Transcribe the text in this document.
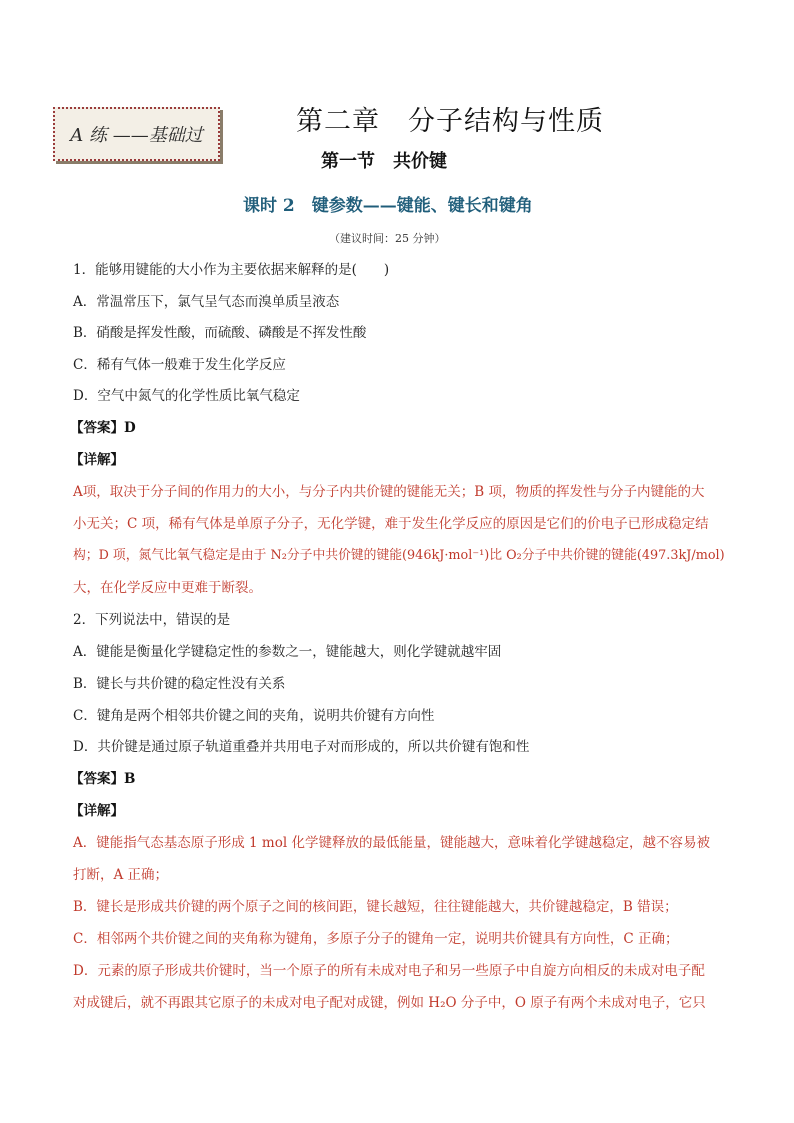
A 练 ——基础过	第二章　分子结构与性质
第一节　共价键
课时 2　键参数——键能、键长和键角
（建议时间：25 分钟）
1．能够用键能的大小作为主要依据来解释的是(　　)
A．常温常压下，氯气呈气态而溴单质呈液态
B．硝酸是挥发性酸，而硫酸、磷酸是不挥发性酸
C．稀有气体一般难于发生化学反应
D．空气中氮气的化学性质比氧气稳定
【答案】D
【详解】
A项，取决于分子间的作用力的大小，与分子内共价键的键能无关；B 项，物质的挥发性与分子内键能的大
小无关；C 项，稀有气体是单原子分子，无化学键，难于发生化学反应的原因是它们的价电子已形成稳定结
构；D 项，氮气比氧气稳定是由于 N₂分子中共价键的键能(946kJ·mol⁻¹)比 O₂分子中共价键的键能(497.3kJ/mol)
大，在化学反应中更难于断裂。
2．下列说法中，错误的是
A．键能是衡量化学键稳定性的参数之一，键能越大，则化学键就越牢固
B．键长与共价键的稳定性没有关系
C．键角是两个相邻共价键之间的夹角，说明共价键有方向性
D．共价键是通过原子轨道重叠并共用电子对而形成的，所以共价键有饱和性
【答案】B
【详解】
A．键能指气态基态原子形成 1 mol 化学键释放的最低能量，键能越大，意味着化学键越稳定，越不容易被
打断，A 正确；
B．键长是形成共价键的两个原子之间的核间距，键长越短，往往键能越大，共价键越稳定，B 错误；
C．相邻两个共价键之间的夹角称为键角，多原子分子的键角一定，说明共价键具有方向性，C 正确；
D．元素的原子形成共价键时，当一个原子的所有未成对电子和另一些原子中自旋方向相反的未成对电子配
对成键后，就不再跟其它原子的未成对电子配对成键，例如 H₂O 分子中，O 原子有两个未成对电子，它只
